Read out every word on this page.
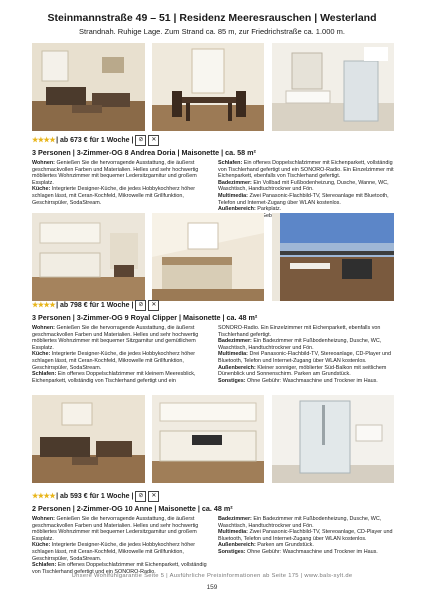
Steinmannstraße 49 – 51 | Residenz Meeresrauschen | Westerland
Strandnah. Ruhige Lage. Zum Strand ca. 85 m, zur Friedrichstraße ca. 1.000 m.
★★★★ | ab 673 € für 1 Woche | ⊘	✕
3 Personen | 3-Zimmer-OG 8 Andrea Doria | Maisonette | ca. 58 m²

Wohnen: Genießen Sie die hervorragende Ausstattung, die äußerst geschmackvollen Farben und Materialien. Helles und sehr hochwertig möbliertes Wohnzimmer mit bequemer Ledersitzgarnitur und großem Essplatz.

Küche: Integrierte Designer-Küche, die jedes Hobbykochherz höher schlagen lässt, mit Ceran-Kochfeld, Mikrowelle mit Grillfunktion, Geschirrspüler, SodaStream.

Schlafen: Ein offenes Doppelschlafzimmer mit Eichenparkett, vollständig von Tischlerhand gefertigt und ein SONORO-Radio. Ein Einzelzimmer mit Eichenparkett, ebenfalls von Tischlerhand gefertigt.

Badezimmer: Ein Vollbad mit Fußbodenheizung, Dusche, Wanne, WC, Waschtisch, Handtuchtrockner und Fön.

Multimedia: Zwei Panasonic-Flachbild-TV, Stereoanlage mit Bluetooth, Telefon und Internet-Zugang über WLAN kostenlos.

Außenbereich: Parkplatz.

Gebühr:

★★★★ | ab 798 € für 1 Woche | ⊘	✕
3 Personen | 3-Zimmer-OG 9 Royal Clipper | Maisonette | ca. 48 m²

Wohnen: Genießen Sie die hervorragende Ausstattung, die äußerst geschmackvollen Farben und Materialien. Helles und sehr hochwertig möbliertes Wohnzimmer mit bequemer Sitzgarnitur und gemütlichem Essplatz.

Küche: Integrierte Designer-Küche, die jedes Hobbykochherz höher schlagen lässt, mit Ceran-Kochfeld, Mikrowelle mit Grillfunktion, Geschirrspüler, SodaStream.

Schlafen: Ein offenes Doppelschlafzimmer mit kleinem Meeresblick, Eichenparkett, vollständig von Tischlerhand gefertigt und ein

SONORO-Radio. Ein Einzelzimmer mit Eichenparkett, ebenfalls von Tischlerhand gefertigt.

Badezimmer: Ein Badezimmer mit Fußbodenheizung, Dusche, WC, Waschtisch, Handtuchtrockner und Fön.

Multimedia: Drei Panasonic-Flachbild-TV, Stereoanlage, CD-Player und Bluetooth, Telefon und Internet-Zugang über WLAN kostenlos.

Außenbereich: Kleiner sonniger, möblierter Süd-Balkon mit seitlichem Dünenblick und Sonnenschirm. Parken am Grundstück.

Sonstiges: Ohne Gebühr: Waschmaschine und Trockner im Haus.

★★★★ | ab 593 € für 1 Woche | ⊘	✕
2 Personen | 2-Zimmer-OG 10 Anne | Maisonette | ca. 48 m²

Wohnen: Genießen Sie die hervorragende Ausstattung, die äußerst geschmackvollen Farben und Materialien. Helles und sehr hochwertig möbliertes Wohnzimmer mit bequemer Ledersitzgarnitur und großem Essplatz.

Küche: Integrierte Designer-Küche, die jedes Hobbykochherz höher schlagen lässt, mit Ceran-Kochfeld, Mikrowelle mit Grillfunktion, Geschirrspüler, SodaStream.

Schlafen: Ein offenes Doppelschlafzimmer mit Eichenparkett, vollständig von Tischlerhand gefertigt und ein SONORO-Radio.

Badezimmer: Ein Badezimmer mit Fußbodenheizung, Dusche, WC, Waschtisch, Handtuchtrockner und Fön.

Multimedia: Zwei Panasonic-Flachbild-TV, Stereoanlage, CD-Player und Bluetooth, Telefon und Internet-Zugang über WLAN kostenlos.

Außenbereich: Parken am Grundstück.

Sonstiges: Ohne Gebühr: Waschmaschine und Trockner im Haus.

Unsere Wohlfühlgarantie Seite 5 | Ausführliche Preisinformationen ab Seite 175 | www.bals-sylt.de
159
